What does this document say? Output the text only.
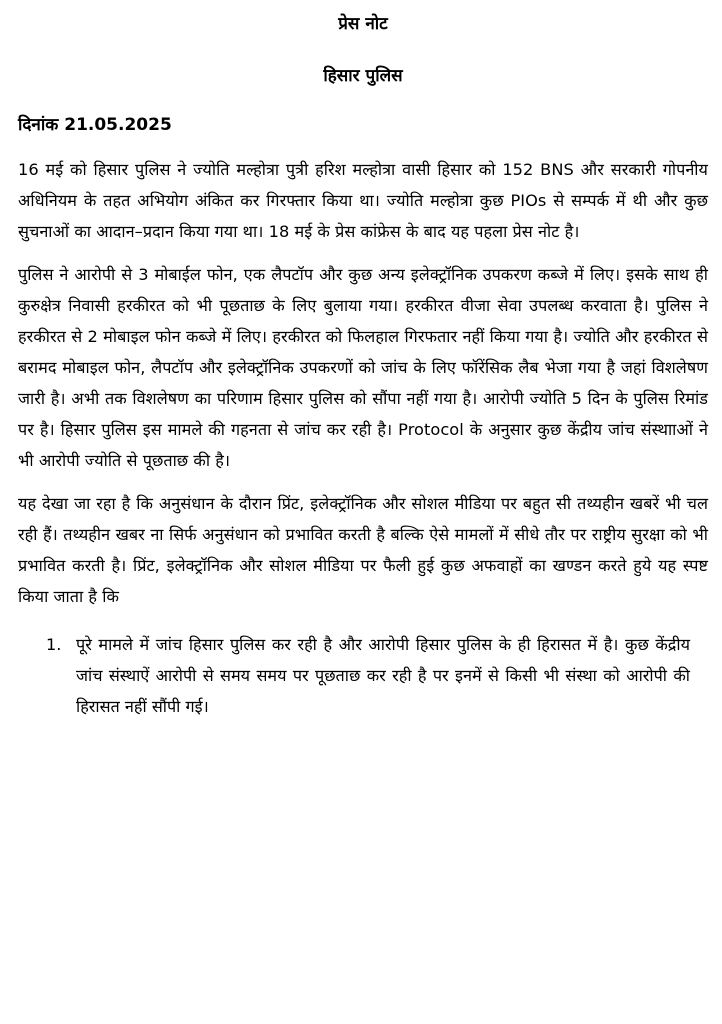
प्रेस नोट

हिसार पुलिस

दिनांक 21.05.2025

16 मई को हिसार पुलिस ने ज्योति मल्होत्रा पुत्री हरिश मल्होत्रा वासी हिसार को 152 BNS और सरकारी गोपनीय अधिनियम के तहत अभियोग अंकित कर गिरफ्तार किया था। ज्योति मल्होत्रा कुछ PIOs से सम्पर्क में थी और कुछ सुचनाओं का आदान–प्रदान किया गया था। 18 मई के प्रेस कांफ्रेस के बाद यह पहला प्रेस नोट है।

पुलिस ने आरोपी से 3 मोबाईल फोन, एक लैपटॉप और कुछ अन्य इलेक्ट्रॉनिक उपकरण कब्जे में लिए। इसके साथ ही कुरुक्षेत्र निवासी हरकीरत को भी पूछताछ के लिए बुलाया गया। हरकीरत वीजा सेवा उपलब्ध करवाता है। पुलिस ने हरकीरत से 2 मोबाइल फोन कब्जे में लिए। हरकीरत को फिलहाल गिरफतार नहीं किया गया है। ज्योति और हरकीरत से बरामद मोबाइल फोन, लैपटॉप और इलेक्ट्रॉनिक उपकरणों को जांच के लिए फॉरेंसिक लैब भेजा गया है जहां विशलेषण जारी है। अभी तक विशलेषण का परिणाम हिसार पुलिस को सौंपा नहीं गया है। आरोपी ज्योति 5 दिन के पुलिस रिमांड पर है। हिसार पुलिस इस मामले की गहनता से जांच कर रही है। Protocol के अनुसार कुछ केंद्रीय जांच संस्थााओं ने भी आरोपी ज्योति से पूछताछ की है।

यह देखा जा रहा है कि अनुसंधान के दौरान प्रिंट, इलेक्ट्रॉनिक और सोशल मीडिया पर बहुत सी तथ्यहीन खबरें भी चल रही हैं। तथ्यहीन खबर ना सिर्फ अनुसंधान को प्रभावित करती है बल्कि ऐसे मामलों में सीधे तौर पर राष्ट्रीय सुरक्षा को भी प्रभावित करती है। प्रिंट, इलेक्ट्रॉनिक और सोशल मीडिया पर फैली हुई कुछ अफवाहों का खण्डन करते हुये यह स्पष्ट किया जाता है कि

1. पूरे मामले में जांच हिसार पुलिस कर रही है और आरोपी हिसार पुलिस के ही हिरासत में है। कुछ केंद्रीय जांच संस्थाऐं आरोपी से समय समय पर पूछताछ कर रही है पर इनमें से किसी भी संस्था को आरोपी की हिरासत नहीं सौंपी गई।
